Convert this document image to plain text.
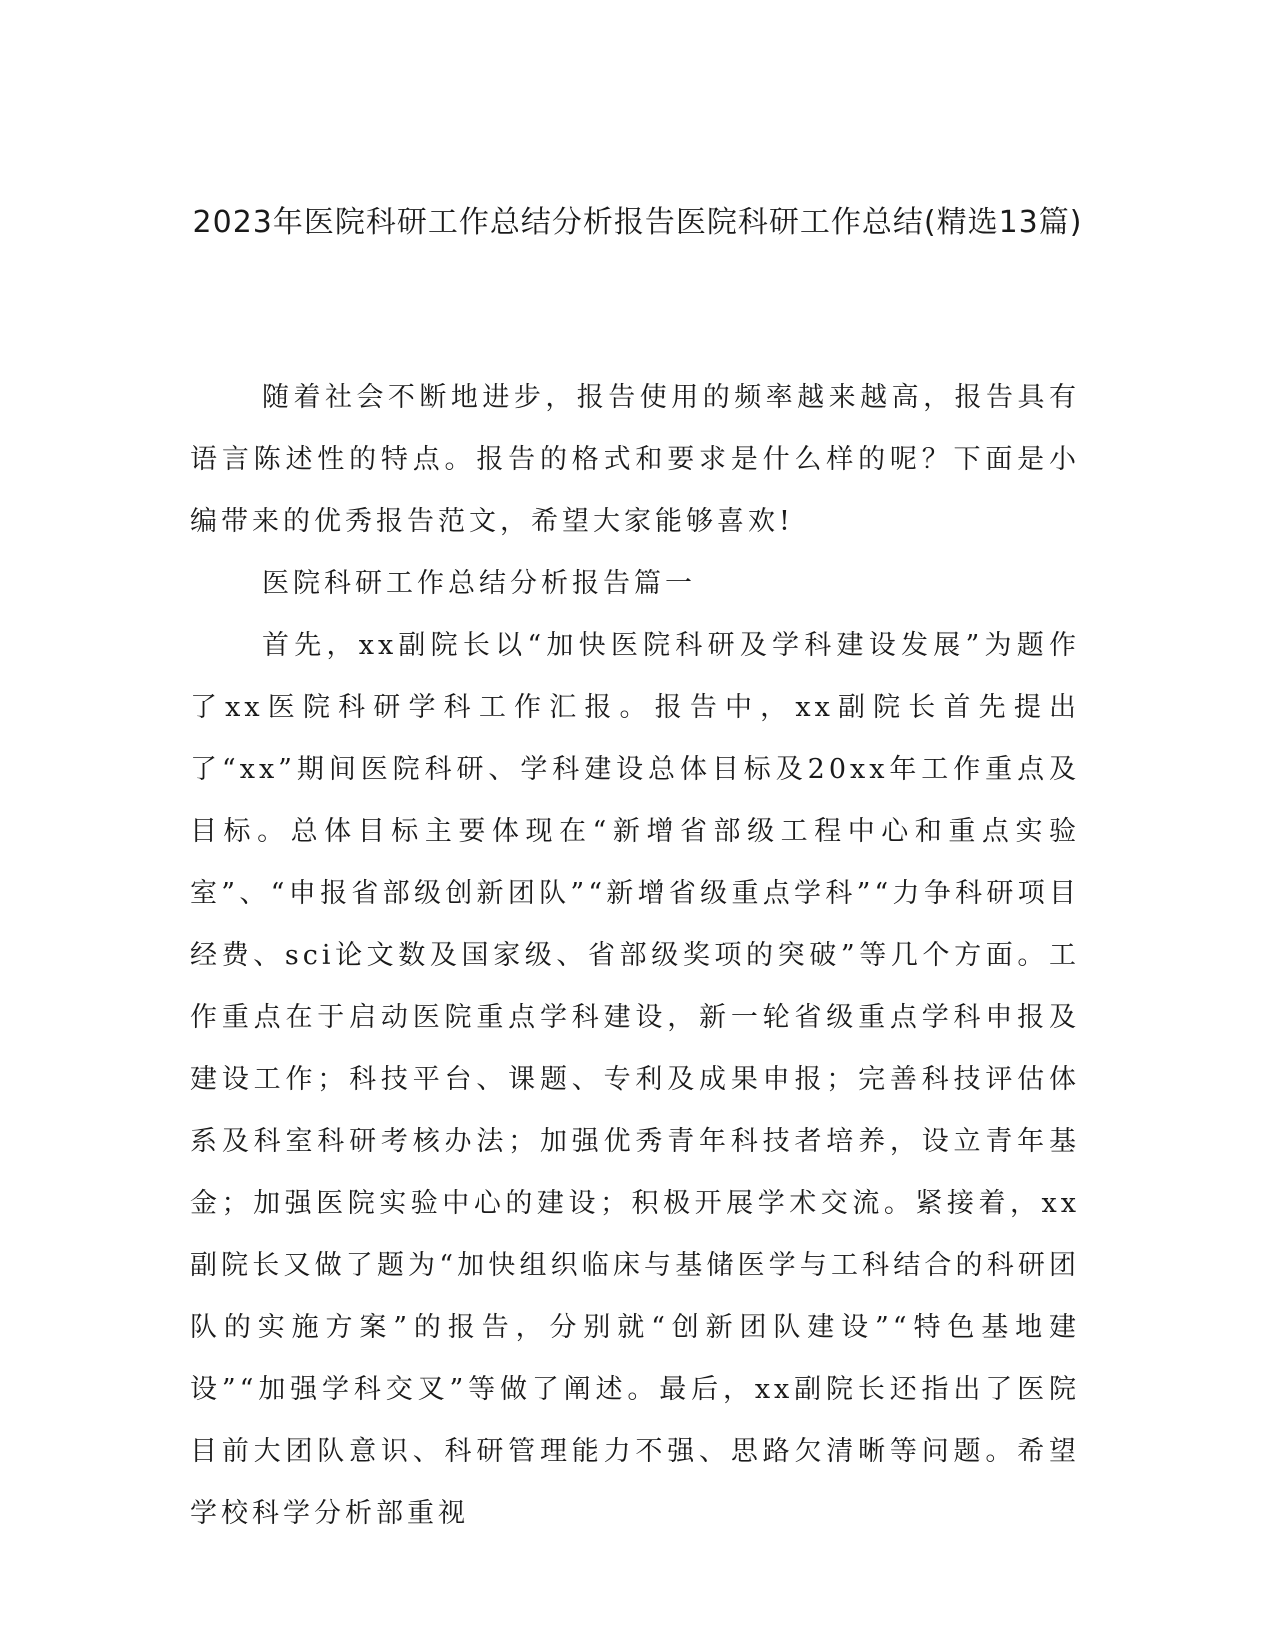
2023年医院科研工作总结分析报告医院科研工作总结(精选13篇)

随着社会不断地进步，报告使用的频率越来越高，报告具有语言陈述性的特点。报告的格式和要求是什么样的呢？下面是小编带来的优秀报告范文，希望大家能够喜欢!

医院科研工作总结分析报告篇一

首先，xx副院长以“加快医院科研及学科建设发展”为题作了xx医院科研学科工作汇报。报告中，xx副院长首先提出了“xx”期间医院科研、学科建设总体目标及20xx年工作重点及目标。总体目标主要体现在“新增省部级工程中心和重点实验室”、“申报省部级创新团队”“新增省级重点学科”“力争科研项目经费、sci论文数及国家级、省部级奖项的突破”等几个方面。工作重点在于启动医院重点学科建设，新一轮省级重点学科申报及建设工作；科技平台、课题、专利及成果申报；完善科技评估体系及科室科研考核办法；加强优秀青年科技者培养，设立青年基金；加强医院实验中心的建设；积极开展学术交流。紧接着，xx副院长又做了题为“加快组织临床与基储医学与工科结合的科研团队的实施方案”的报告，分别就“创新团队建设”“特色基地建设”“加强学科交叉”等做了阐述。最后，xx副院长还指出了医院目前大团队意识、科研管理能力不强、思路欠清晰等问题。希望学校科学分析部重视
